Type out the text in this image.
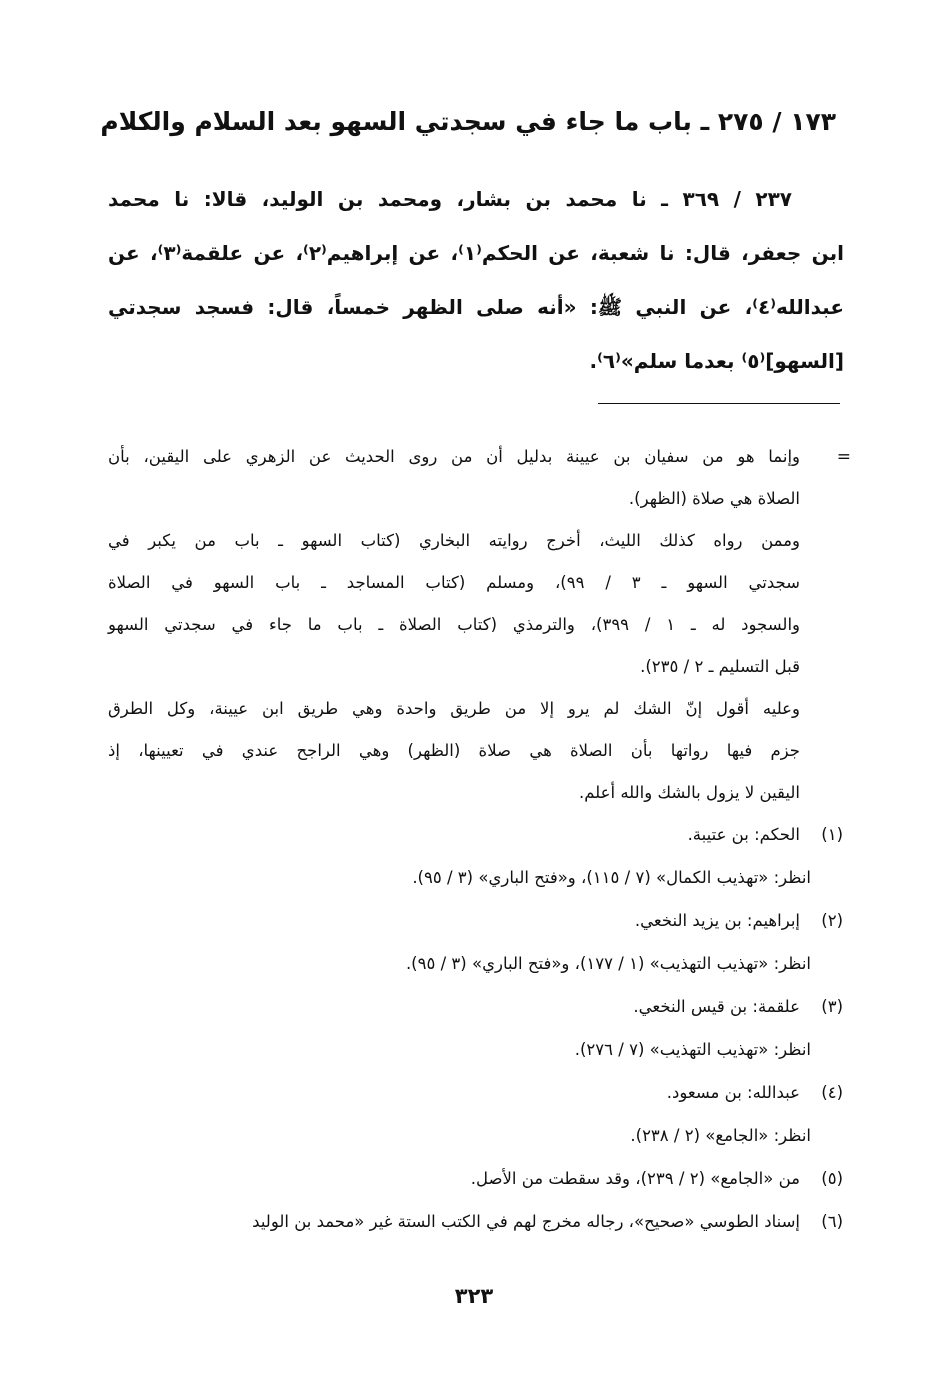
١٧٣ / ٢٧٥ ـ باب ما جاء في سجدتي السهو بعد السلام والكلام
٢٣٧ / ٣٦٩ ـ نا محمد بن بشار، ومحمد بن الوليد، قالا: نا محمد
ابن جعفر، قال: نا شعبة، عن الحكم⁽١⁾، عن إبراهيم⁽٢⁾، عن علقمة⁽٣⁾، عن
عبدالله⁽٤⁾، عن النبي ﷺ: «أنه صلى الظهر خمساً، قال: فسجد سجدتي
[السهو]⁽٥⁾ بعدما سلم»⁽٦⁾.
=
وإنما هو من سفيان بن عيينة بدليل أن من روى الحديث عن الزهري على اليقين، بأن
الصلاة هي صلاة (الظهر).
وممن رواه كذلك الليث، أخرج روايته البخاري (كتاب السهو ـ باب من يكبر في
سجدتي السهو ـ ٣ / ٩٩)، ومسلم (كتاب المساجد ـ باب السهو في الصلاة
والسجود له ـ ١ / ٣٩٩)، والترمذي (كتاب الصلاة ـ باب ما جاء في سجدتي السهو
قبل التسليم ـ ٢ / ٢٣٥).
وعليه أقول إنّ الشك لم يرو إلا من طريق واحدة وهي طريق ابن عيينة، وكل الطرق
جزم فيها رواتها بأن الصلاة هي صلاة (الظهر) وهي الراجح عندي في تعيينها، إذ
اليقين لا يزول بالشك والله أعلم.
(١)
الحكم: بن عتيبة.
انظر: «تهذيب الكمال» (٧ / ١١٥)، و«فتح الباري» (٣ / ٩٥).
(٢)
إبراهيم: بن يزيد النخعي.
انظر: «تهذيب التهذيب» (١ / ١٧٧)، و«فتح الباري» (٣ / ٩٥).
(٣)
علقمة: بن قيس النخعي.
انظر: «تهذيب التهذيب» (٧ / ٢٧٦).
(٤)
عبدالله: بن مسعود.
انظر: «الجامع» (٢ / ٢٣٨).
(٥)
من «الجامع» (٢ / ٢٣٩)، وقد سقطت من الأصل.
(٦)
إسناد الطوسي «صحيح»، رجاله مخرج لهم في الكتب الستة غير «محمد بن الوليد
٣٢٣
